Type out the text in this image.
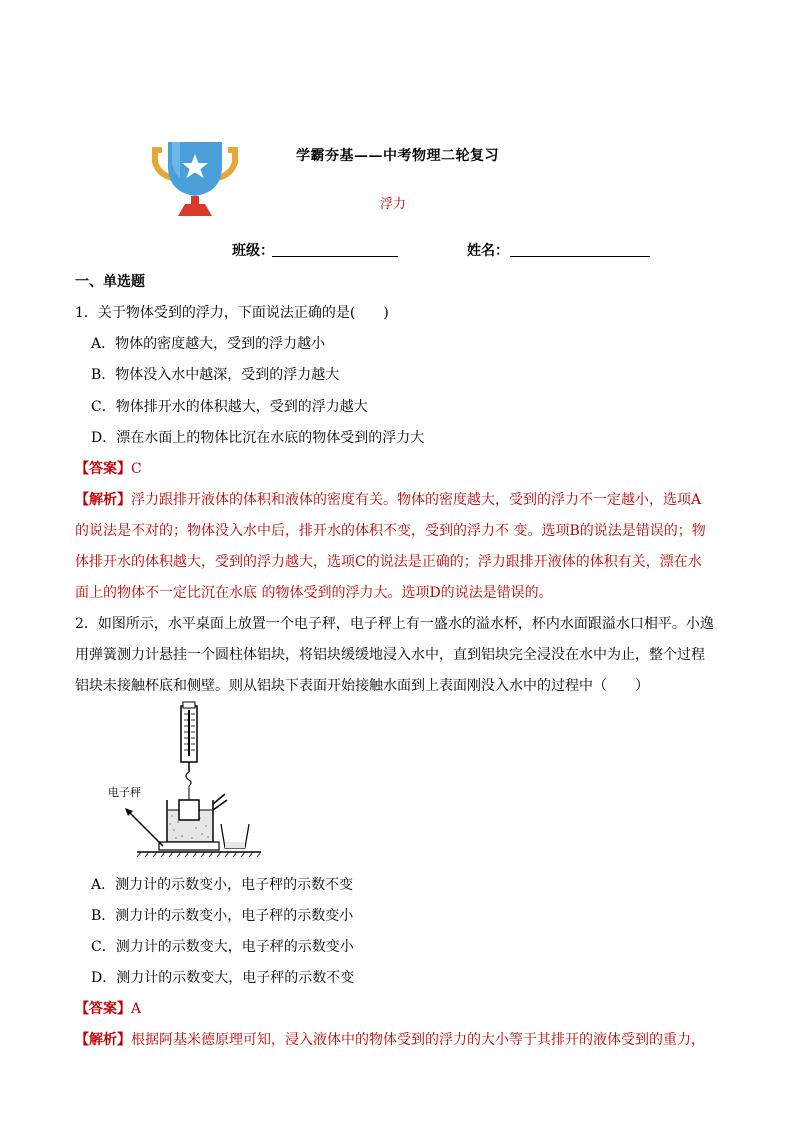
学霸夯基——中考物理二轮复习
浮力
班级：	姓名：
一、单选题
1．关于物体受到的浮力，下面说法正确的是(　　)
A．物体的密度越大，受到的浮力越小
B．物体没入水中越深，受到的浮力越大
C．物体排开水的体积越大，受到的浮力越大
D．漂在水面上的物体比沉在水底的物体受到的浮力大
【答案】C
【解析】浮力跟排开液体的体积和液体的密度有关。物体的密度越大，受到的浮力不一定越小，选项A
的说法是不对的；物体没入水中后，排开水的体积不变，受到的浮力不 变。选项B的说法是错误的；物
体排开水的体积越大，受到的浮力越大，选项C的说法是正确的；浮力跟排开液体的体积有关，漂在水
面上的物体不一定比沉在水底 的物体受到的浮力大。选项D的说法是错误的。
2．如图所示，水平桌面上放置一个电子秤，电子秤上有一盛水的溢水杯，杯内水面跟溢水口相平。小逸
用弹簧测力计悬挂一个圆柱体铝块，将铝块缓缓地浸入水中，直到铝块完全浸没在水中为止，整个过程
铝块未接触杯底和侧壁。则从铝块下表面开始接触水面到上表面刚没入水中的过程中（　　）
电子秤
A．测力计的示数变小，电子秤的示数不变
B．测力计的示数变小，电子秤的示数变小
C．测力计的示数变大，电子秤的示数变小
D．测力计的示数变大，电子秤的示数不变
【答案】A
【解析】根据阿基米德原理可知，浸入液体中的物体受到的浮力的大小等于其排开的液体受到的重力，
